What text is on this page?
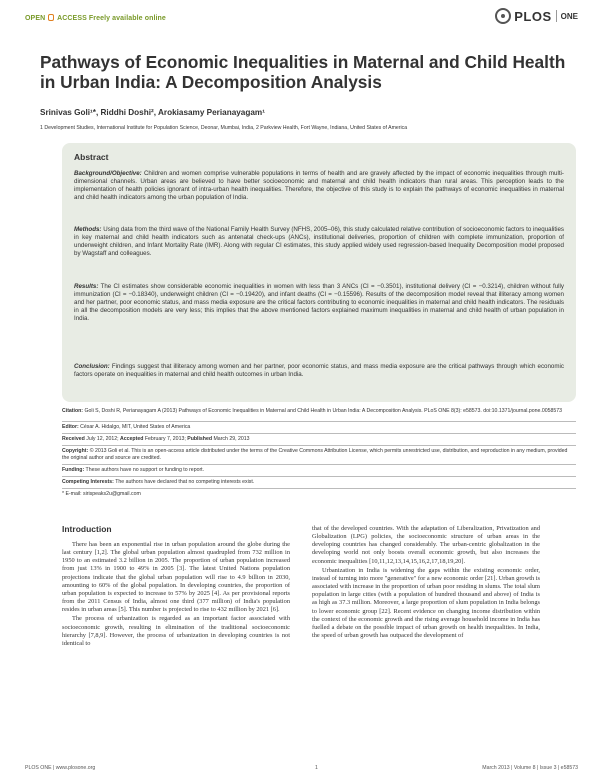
OPEN ACCESS Freely available online	PLOS ONE
Pathways of Economic Inequalities in Maternal and Child Health in Urban India: A Decomposition Analysis
Srinivas Goli¹*, Riddhi Doshi², Arokiasamy Perianayagam¹
1 Development Studies, International Institute for Population Science, Deonar, Mumbai, India, 2 Parkview Health, Fort Wayne, Indiana, United States of America
Abstract

Background/Objective: Children and women comprise vulnerable populations in terms of health and are gravely affected by the impact of economic inequalities through multi-dimensional channels. Urban areas are believed to have better socioeconomic and maternal and child health indicators than rural areas. This perception leads to the implementation of health policies ignorant of intra-urban health inequalities. Therefore, the objective of this study is to explain the pathways of economic inequalities in maternal and child health indicators among the urban population of India.

Methods: Using data from the third wave of the National Family Health Survey (NFHS, 2005–06), this study calculated relative contribution of socioeconomic factors to inequalities in key maternal and child health indicators such as antenatal check-ups (ANCs), institutional deliveries, proportion of children with complete immunization, proportion of underweight children, and Infant Mortality Rate (IMR). Along with regular CI estimates, this study applied widely used regression-based Inequality Decomposition model proposed by Wagstaff and colleagues.

Results: The CI estimates show considerable economic inequalities in women with less than 3 ANCs (CI = −0.3501), institutional delivery (CI = −0.3214), children without fully immunization (CI = −0.18340), underweight children (CI = −0.19420), and infant deaths (CI = −0.15596). Results of the decomposition model reveal that illiteracy among women and her partner, poor economic status, and mass media exposure are the critical factors contributing to economic inequalities in maternal and child health indicators. The residuals in all the decomposition models are very less; this implies that the above mentioned factors explained maximum inequalities in maternal and child health of urban population in India.

Conclusion: Findings suggest that illiteracy among women and her partner, poor economic status, and mass media exposure are the critical pathways through which economic factors operate on inequalities in maternal and child health outcomes in urban India.

Citation: Goli S, Doshi R, Perianayagam A (2013) Pathways of Economic Inequalities in Maternal and Child Health in Urban India: A Decomposition Analysis. PLoS ONE 8(3): e58573. doi:10.1371/journal.pone.0058573

Editor: César A. Hidalgo, MIT, United States of America

Received July 12, 2012; Accepted February 7, 2013; Published March 29, 2013

Copyright: © 2013 Goli et al. This is an open-access article distributed under the terms of the Creative Commons Attribution License, which permits unrestricted use, distribution, and reproduction in any medium, provided the original author and source are credited.

Funding: These authors have no support or funding to report.

Competing Interests: The authors have declared that no competing interests exist.

* E-mail: sirispeaks2u@gmail.com

Introduction

There has been an exponential rise in urban population around the globe during the last century [1,2]. The global urban population almost quadrupled from 732 million in 1950 to an estimated 3.2 billion in 2005. The proportion of urban population increased from just 13% in 1900 to 49% in 2005 [3]. The latest United Nations population projections indicate that the global urban population will rise to 4.9 billion in 2030, amounting to 60% of the global population. In developing countries, the proportion of urban population is expected to increase to 57% by 2025 [4]. As per provisional reports from the 2011 Census of India, almost one third (377 million) of India's population resides in urban areas [5]. This number is projected to rise to 432 million by 2021 [6].

The process of urbanization is regarded as an important factor associated with socioeconomic growth, resulting in elimination of the traditional socioeconomic hierarchy [7,8,9]. However, the process of urbanization in developing countries is not identical to

that of the developed countries. With the adaptation of Liberalization, Privatization and Globalization (LPG) policies, the socioeconomic structure of urban areas in the developing countries has changed considerably. The urban-centric globalization in the developing world not only boosts overall economic growth, but also increases the economic inequalities [10,11,12,13,14,15,16,2,17,18,19,20].

Urbanization in India is widening the gaps within the existing economic order, instead of turning into more "generative" for a new economic order [21]. Urban growth is associated with increase in the proportion of urban poor residing in slums. The total slum population in large cities (with a population of hundred thousand and above) of India is as high as 37.3 million. Moreover, a large proportion of slum population in India belongs to lower economic group [22]. Recent evidence on changing income distribution within the context of the economic growth and the rising average household income in India has fuelled a debate on the possible impact of urban growth on health inequalities. In India, the speed of urban growth has outpaced the development of

PLOS ONE | www.plosone.org	1	March 2013 | Volume 8 | Issue 3 | e58573
